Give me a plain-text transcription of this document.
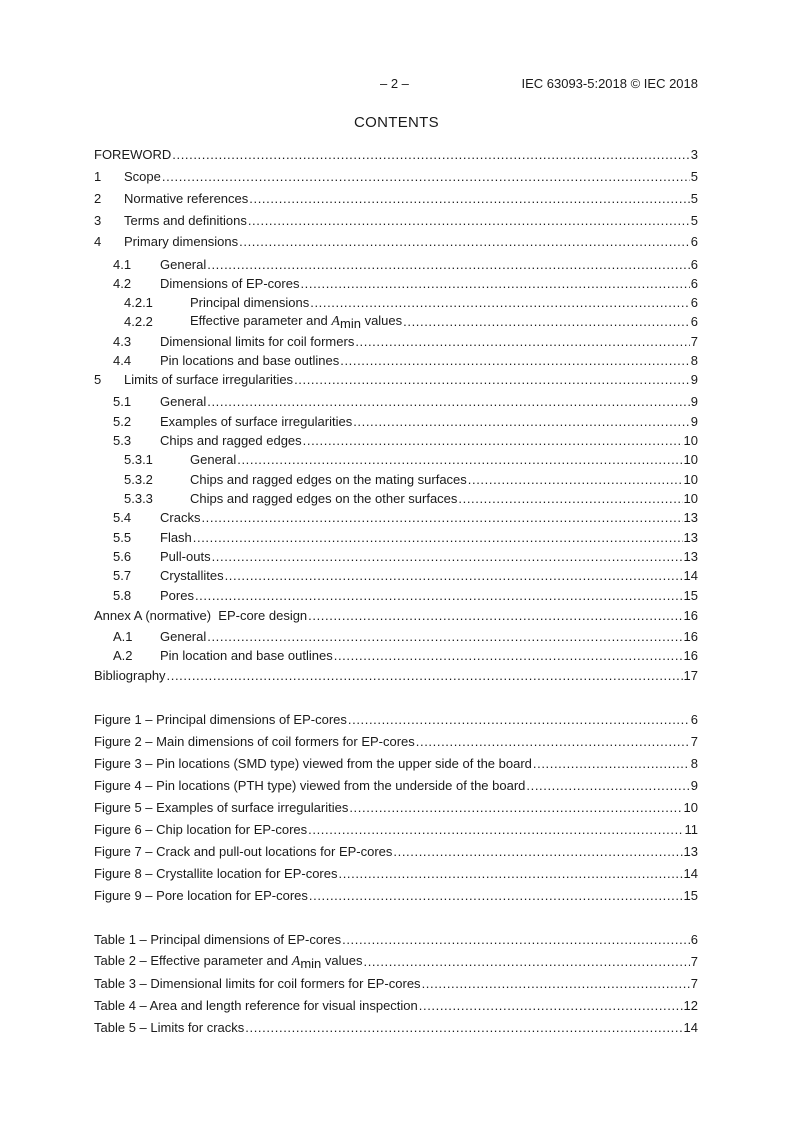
– 2 –	IEC 63093-5:2018 © IEC 2018
CONTENTS
FOREWORD .....	3
1	Scope .....	5
2	Normative references .....	5
3	Terms and definitions .....	5
4	Primary dimensions .....	6
4.1	General .....	6
4.2	Dimensions of EP-cores .....	6
4.2.1	Principal dimensions .....	6
4.2.2	Effective parameter and Amin values .....	6
4.3	Dimensional limits for coil formers .....	7
4.4	Pin locations and base outlines .....	8
5	Limits of surface irregularities .....	9
5.1	General .....	9
5.2	Examples of surface irregularities .....	9
5.3	Chips and ragged edges .....	10
5.3.1	General .....	10
5.3.2	Chips and ragged edges on the mating surfaces .....	10
5.3.3	Chips and ragged edges on the other surfaces .....	10
5.4	Cracks .....	13
5.5	Flash .....	13
5.6	Pull-outs .....	13
5.7	Crystallites .....	14
5.8	Pores .....	15
Annex A (normative)  EP-core design .....	16
A.1	General .....	16
A.2	Pin location and base outlines .....	16
Bibliography .....	17
Figure 1 – Principal dimensions of EP-cores .....	6
Figure 2 – Main dimensions of coil formers for EP-cores .....	7
Figure 3 – Pin locations (SMD type) viewed from the upper side of the board .....	8
Figure 4 – Pin locations (PTH type) viewed from the underside of the board .....	9
Figure 5 – Examples of surface irregularities .....	10
Figure 6 – Chip location for EP-cores .....	11
Figure 7 – Crack and pull-out locations for EP-cores .....	13
Figure 8 – Crystallite location for EP-cores .....	14
Figure 9 – Pore location for EP-cores .....	15
Table 1 – Principal dimensions of EP-cores .....	6
Table 2 – Effective parameter and Amin values .....	7
Table 3 – Dimensional limits for coil formers for EP-cores .....	7
Table 4 – Area and length reference for visual inspection .....	12
Table 5 – Limits for cracks .....	14
